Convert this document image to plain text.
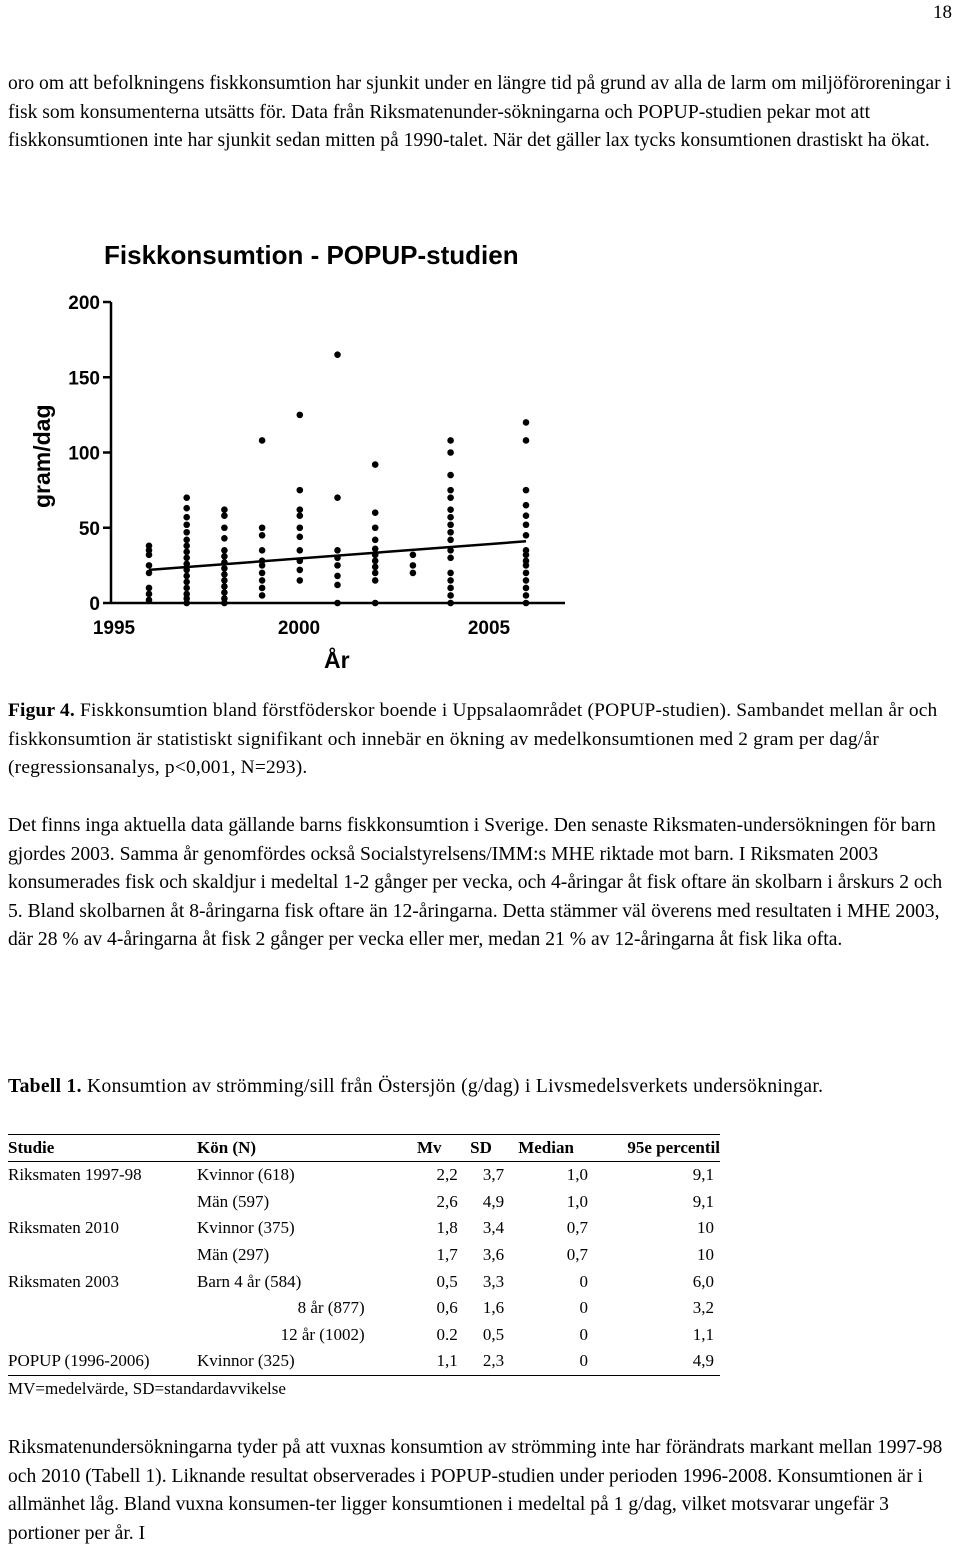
18

oro om att befolkningens fiskkonsumtion har sjunkit under en längre tid på grund av alla de larm om miljöföroreningar i fisk som konsumenterna utsätts för. Data från Riksmatenunder-sökningarna och POPUP-studien pekar mot att fiskkonsumtionen inte har sjunkit sedan mitten på 1990-talet. När det gäller lax tycks konsumtionen drastiskt ha ökat.

Fiskkonsumtion - POPUP-studien
gram/dag
År
0
50
100
150
200
1995	2000	2005

Figur 4. Fiskkonsumtion bland förstföderskor boende i Uppsalaområdet (POPUP-studien). Sambandet mellan år och fiskkonsumtion är statistiskt signifikant och innebär en ökning av medelkonsumtionen med 2 gram per dag/år (regressionsanalys, p<0,001, N=293).

Det finns inga aktuella data gällande barns fiskkonsumtion i Sverige. Den senaste Riksmaten-undersökningen för barn gjordes 2003. Samma år genomfördes också Socialstyrelsens/IMM:s MHE riktade mot barn. I Riksmaten 2003 konsumerades fisk och skaldjur i medeltal 1-2 gånger per vecka, och 4-åringar åt fisk oftare än skolbarn i årskurs 2 och 5. Bland skolbarnen åt 8-åringarna fisk oftare än 12-åringarna. Detta stämmer väl överens med resultaten i MHE 2003, där 28 % av 4-åringarna åt fisk 2 gånger per vecka eller mer, medan 21 % av 12-åringarna åt fisk lika ofta.

Tabell 1. Konsumtion av strömming/sill från Östersjön (g/dag) i Livsmedelsverkets undersökningar.

Studie	Kön (N)	Mv	SD	Median	95e percentil
Riksmaten 1997-98	Kvinnor (618)	2,2	3,7	1,0	9,1
	Män (597)	2,6	4,9	1,0	9,1
Riksmaten 2010	Kvinnor (375)	1,8	3,4	0,7	10
	Män (297)	1,7	3,6	0,7	10
Riksmaten 2003	Barn 4 år (584)	0,5	3,3	0	6,0
	8 år (877)	0,6	1,6	0	3,2
	12 år (1002)	0.2	0,5	0	1,1
POPUP (1996-2006)	Kvinnor (325)	1,1	2,3	0	4,9

MV=medelvärde, SD=standardavvikelse

Riksmatenundersökningarna tyder på att vuxnas konsumtion av strömming inte har förändrats markant mellan 1997-98 och 2010 (Tabell 1). Liknande resultat observerades i POPUP-studien under perioden 1996-2008. Konsumtionen är i allmänhet låg. Bland vuxna konsumen-ter ligger konsumtionen i medeltal på 1 g/dag, vilket motsvarar ungefär 3 portioner per år. I
